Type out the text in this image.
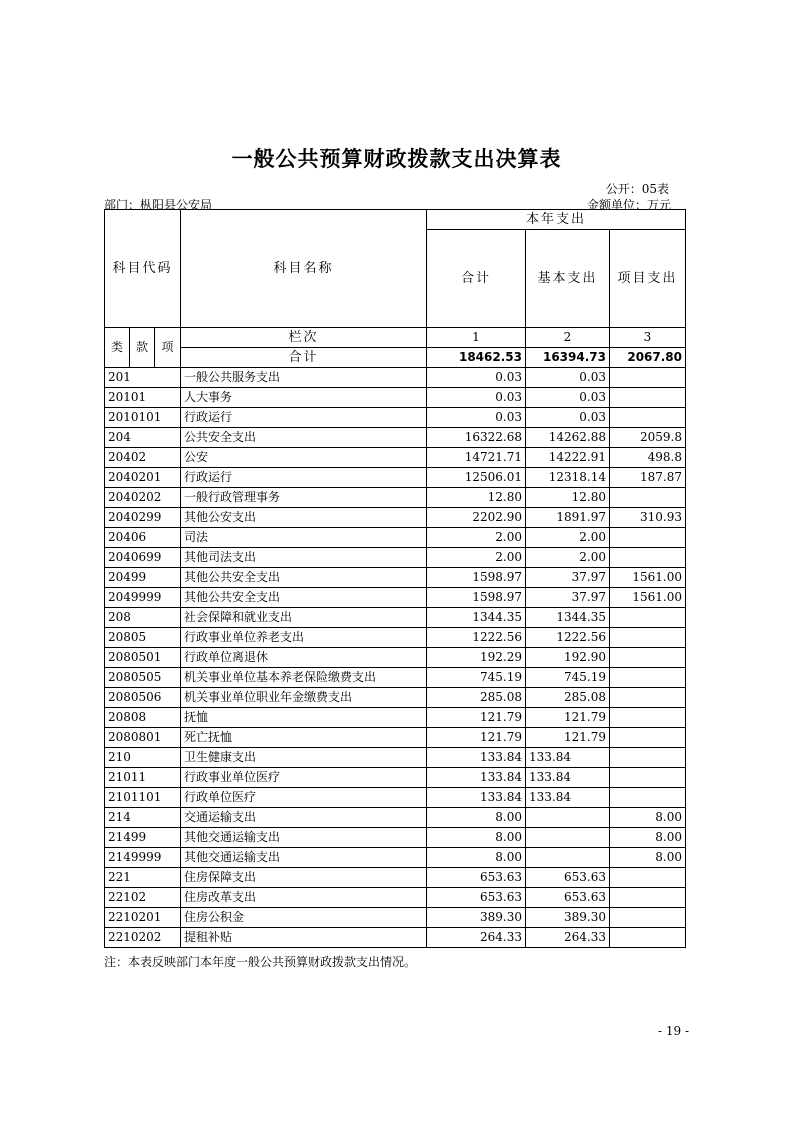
一般公共预算财政拨款支出决算表
公开：05表
部门：枞阳县公安局	金额单位：万元
科目代码			科目名称	本年支出		
				合计	基本支出	项目支出

类	款	项	栏次	1	2	3
			合计	18462.53	16394.73	2067.80
201			一般公共服务支出	0.03	0.03	
20101			人大事务	0.03	0.03	
2010101			行政运行	0.03	0.03	
204			公共安全支出	16322.68	14262.88	2059.8
20402			公安	14721.71	14222.91	498.8
2040201			行政运行	12506.01	12318.14	187.87
2040202			一般行政管理事务	12.80	12.80	
2040299			其他公安支出	2202.90	1891.97	310.93
20406			司法	2.00	2.00	
2040699			其他司法支出	2.00	2.00	
20499			其他公共安全支出	1598.97	37.97	1561.00
2049999			其他公共安全支出	1598.97	37.97	1561.00
208			社会保障和就业支出	1344.35	1344.35	
20805			行政事业单位养老支出	1222.56	1222.56	
2080501			行政单位离退休	192.29	192.90	
2080505			机关事业单位基本养老保险缴费支出	745.19	745.19	
2080506			机关事业单位职业年金缴费支出	285.08	285.08	
20808			抚恤	121.79	121.79	
2080801			死亡抚恤	121.79	121.79	
210			卫生健康支出	133.84	133.84	
21011			行政事业单位医疗	133.84	133.84	
2101101			行政单位医疗	133.84	133.84	
214			交通运输支出	8.00		8.00
21499			其他交通运输支出	8.00		8.00
2149999			其他交通运输支出	8.00		8.00
221			住房保障支出	653.63	653.63	
22102			住房改革支出	653.63	653.63	
2210201			住房公积金	389.30	389.30	
2210202			提租补贴	264.33	264.33	
注：本表反映部门本年度一般公共预算财政拨款支出情况。
- 19 -
